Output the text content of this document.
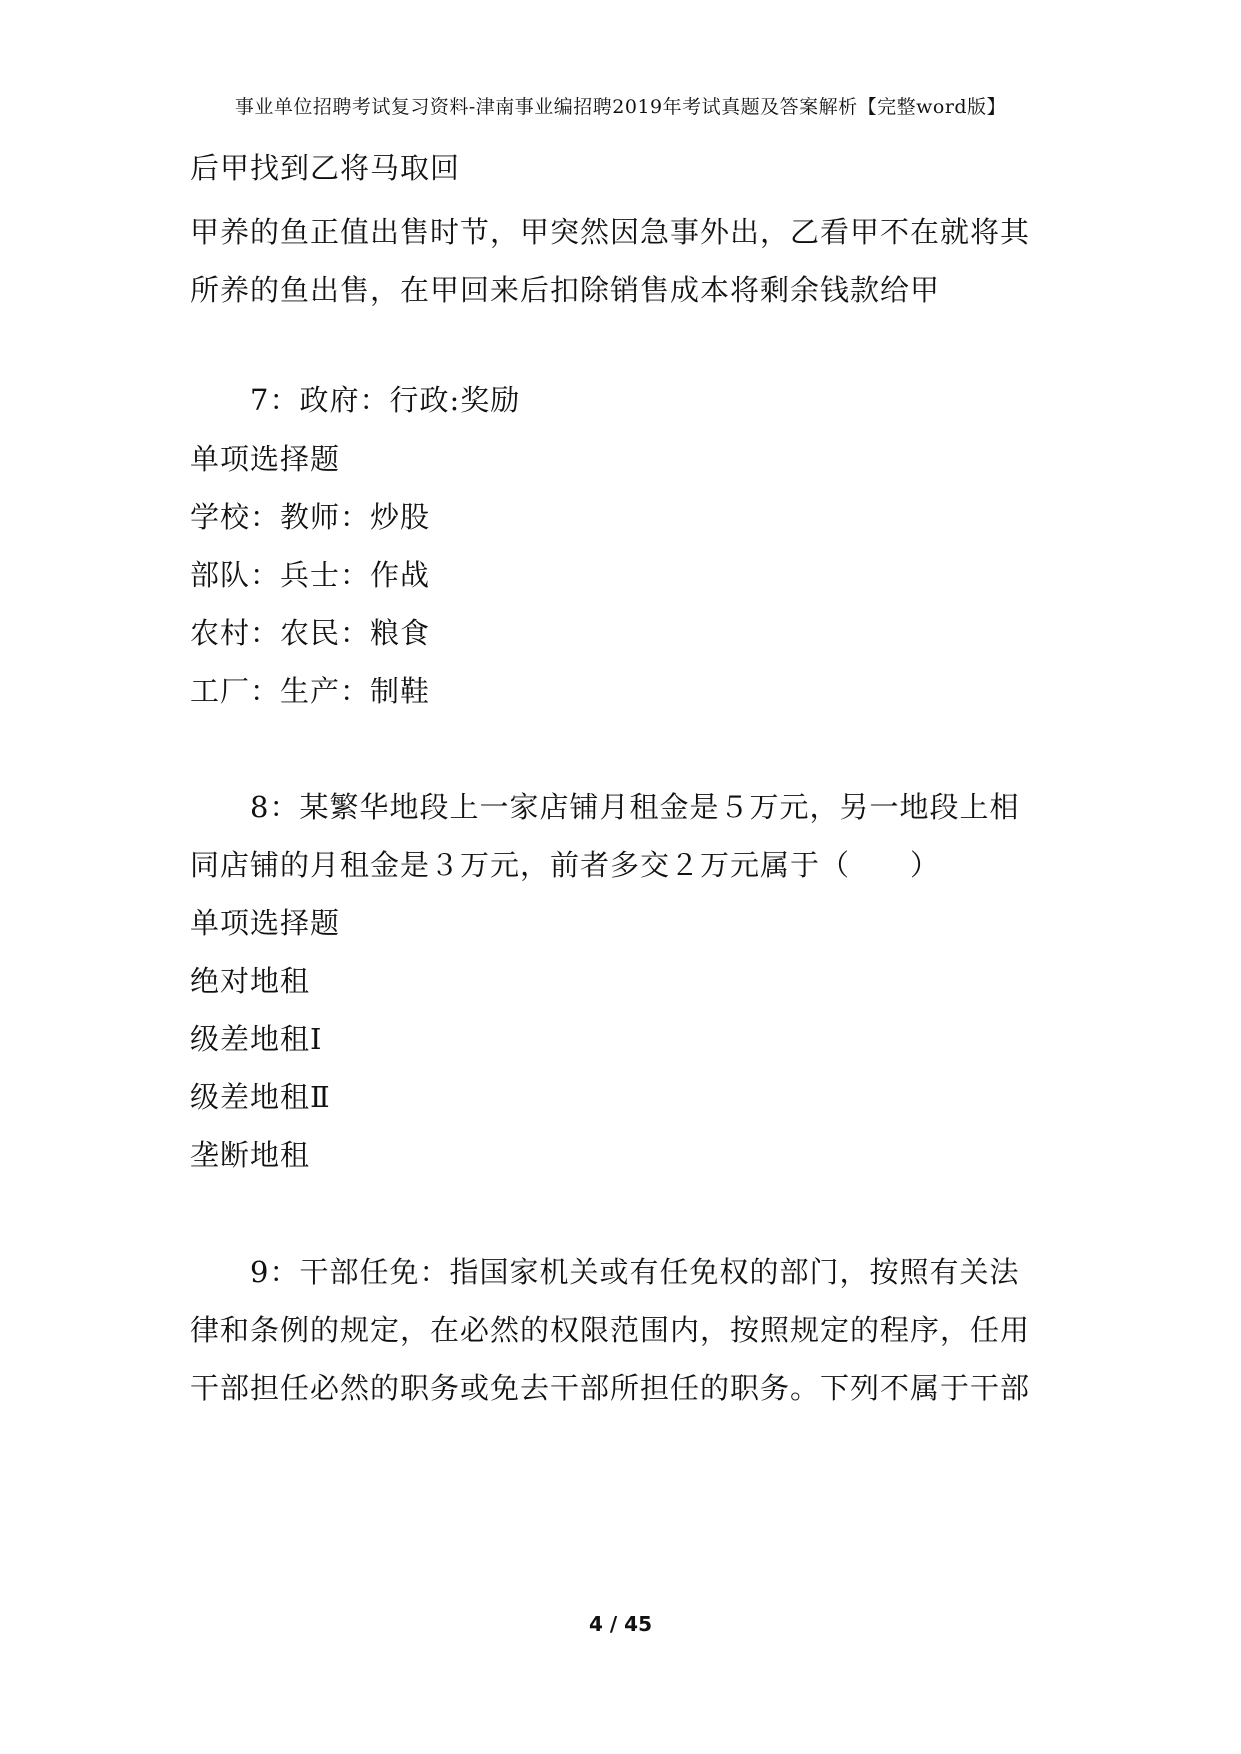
事业单位招聘考试复习资料-津南事业编招聘2019年考试真题及答案解析【完整word版】
后甲找到乙将马取回
甲养的鱼正值出售时节，甲突然因急事外出，乙看甲不在就将其
所养的鱼出售，在甲回来后扣除销售成本将剩余钱款给甲
7：政府：行政:奖励
单项选择题
学校：教师：炒股
部队：兵士：作战
农村：农民：粮食
工厂：生产：制鞋
8：某繁华地段上一家店铺月租金是５万元，另一地段上相
同店铺的月租金是３万元，前者多交２万元属于（　　）
单项选择题
绝对地租
级差地租Ⅰ
级差地租Ⅱ
垄断地租
9：干部任免：指国家机关或有任免权的部门，按照有关法
律和条例的规定，在必然的权限范围内，按照规定的程序，任用
干部担任必然的职务或免去干部所担任的职务。下列不属于干部
4 / 45
